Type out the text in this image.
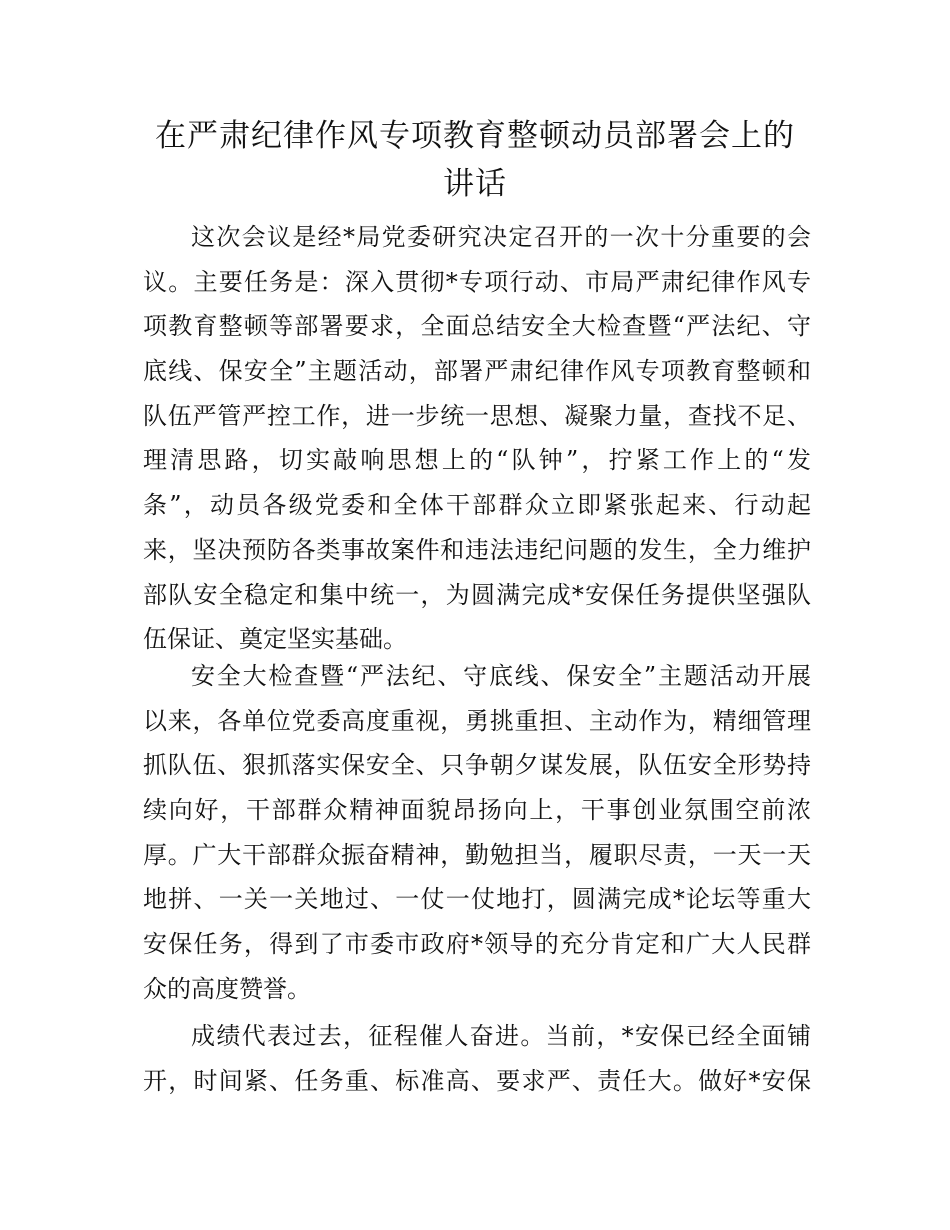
在严肃纪律作风专项教育整顿动员部署会上的
讲话
这次会议是经*局党委研究决定召开的一次十分重要的会
议。主要任务是：深入贯彻*专项行动、市局严肃纪律作风专
项教育整顿等部署要求，全面总结安全大检查暨“严法纪、守
底线、保安全”主题活动，部署严肃纪律作风专项教育整顿和
队伍严管严控工作，进一步统一思想、凝聚力量，查找不足、
理清思路，切实敲响思想上的“队钟”，拧紧工作上的“发
条”，动员各级党委和全体干部群众立即紧张起来、行动起
来，坚决预防各类事故案件和违法违纪问题的发生，全力维护
部队安全稳定和集中统一，为圆满完成*安保任务提供坚强队
伍保证、奠定坚实基础。
安全大检查暨“严法纪、守底线、保安全”主题活动开展
以来，各单位党委高度重视，勇挑重担、主动作为，精细管理
抓队伍、狠抓落实保安全、只争朝夕谋发展，队伍安全形势持
续向好，干部群众精神面貌昂扬向上，干事创业氛围空前浓
厚。广大干部群众振奋精神，勤勉担当，履职尽责，一天一天
地拼、一关一关地过、一仗一仗地打，圆满完成*论坛等重大
安保任务，得到了市委市政府*领导的充分肯定和广大人民群
众的高度赞誉。
成绩代表过去，征程催人奋进。当前，*安保已经全面铺
开，时间紧、任务重、标准高、要求严、责任大。做好*安保
